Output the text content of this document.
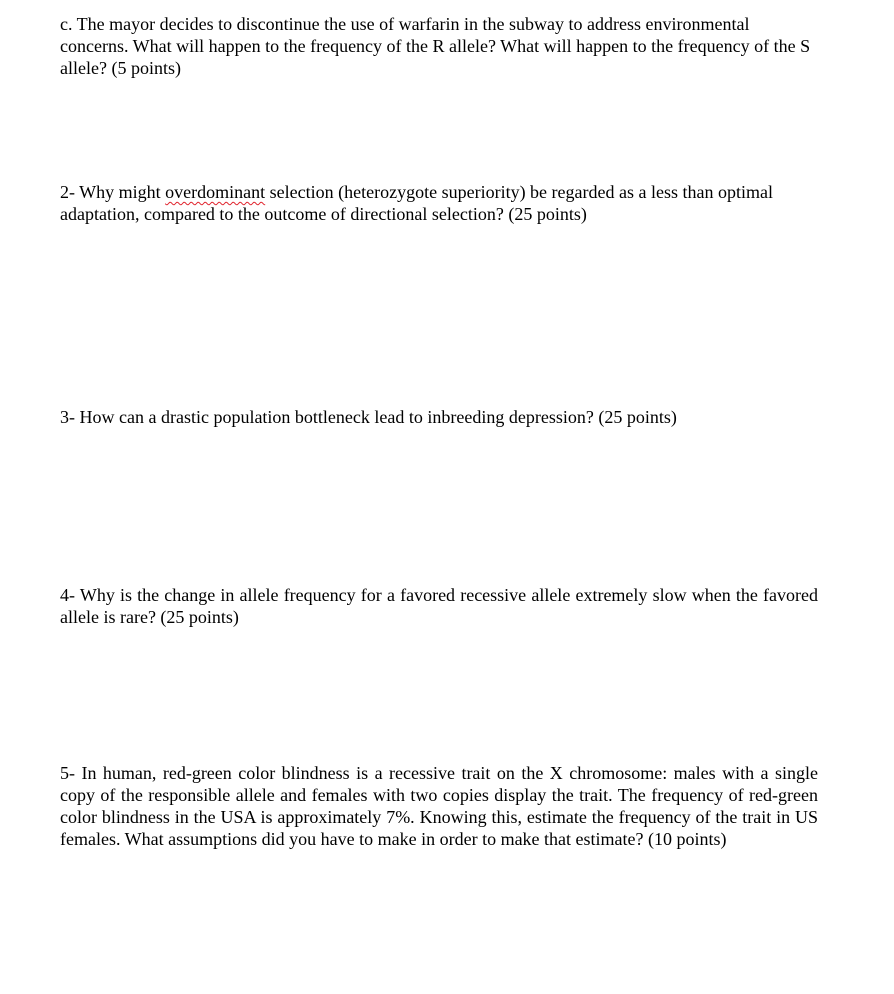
c. The mayor decides to discontinue the use of warfarin in the subway to address environmental concerns. What will happen to the frequency of the R allele? What will happen to the frequency of the S allele? (5 points)

2- Why might overdominant selection (heterozygote superiority) be regarded as a less than optimal adaptation, compared to the outcome of directional selection? (25 points)

3- How can a drastic population bottleneck lead to inbreeding depression? (25 points)

4- Why is the change in allele frequency for a favored recessive allele extremely slow when the favored allele is rare? (25 points)

5- In human, red-green color blindness is a recessive trait on the X chromosome: males with a single copy of the responsible allele and females with two copies display the trait. The frequency of red-green color blindness in the USA is approximately 7%. Knowing this, estimate the frequency of the trait in US females. What assumptions did you have to make in order to make that estimate? (10 points)
